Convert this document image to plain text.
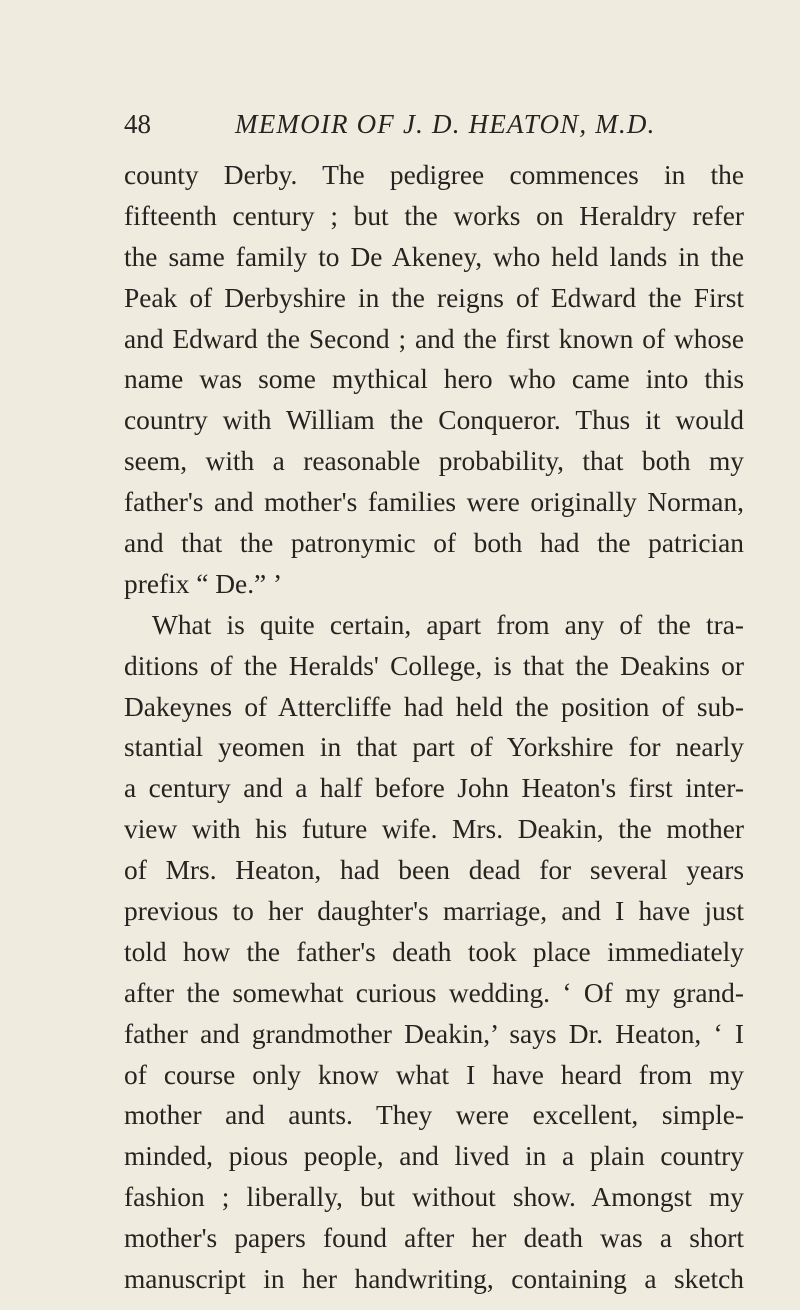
48	MEMOIR OF J. D. HEATON, M.D.
county Derby. The pedigree commences in the
fifteenth century ; but the works on Heraldry refer
the same family to De Akeney, who held lands in the
Peak of Derbyshire in the reigns of Edward the First
and Edward the Second ; and the first known of whose
name was some mythical hero who came into this
country with William the Conqueror. Thus it would
seem, with a reasonable probability, that both my
father's and mother's families were originally Norman,
and that the patronymic of both had the patrician
prefix “ De.” ’
What is quite certain, apart from any of the tra-
ditions of the Heralds' College, is that the Deakins or
Dakeynes of Attercliffe had held the position of sub-
stantial yeomen in that part of Yorkshire for nearly
a century and a half before John Heaton's first inter-
view with his future wife. Mrs. Deakin, the mother
of Mrs. Heaton, had been dead for several years
previous to her daughter's marriage, and I have just
told how the father's death took place immediately
after the somewhat curious wedding. ‘ Of my grand-
father and grandmother Deakin,’ says Dr. Heaton, ‘ I
of course only know what I have heard from my
mother and aunts. They were excellent, simple-
minded, pious people, and lived in a plain country
fashion ; liberally, but without show. Amongst my
mother's papers found after her death was a short
manuscript in her handwriting, containing a sketch
